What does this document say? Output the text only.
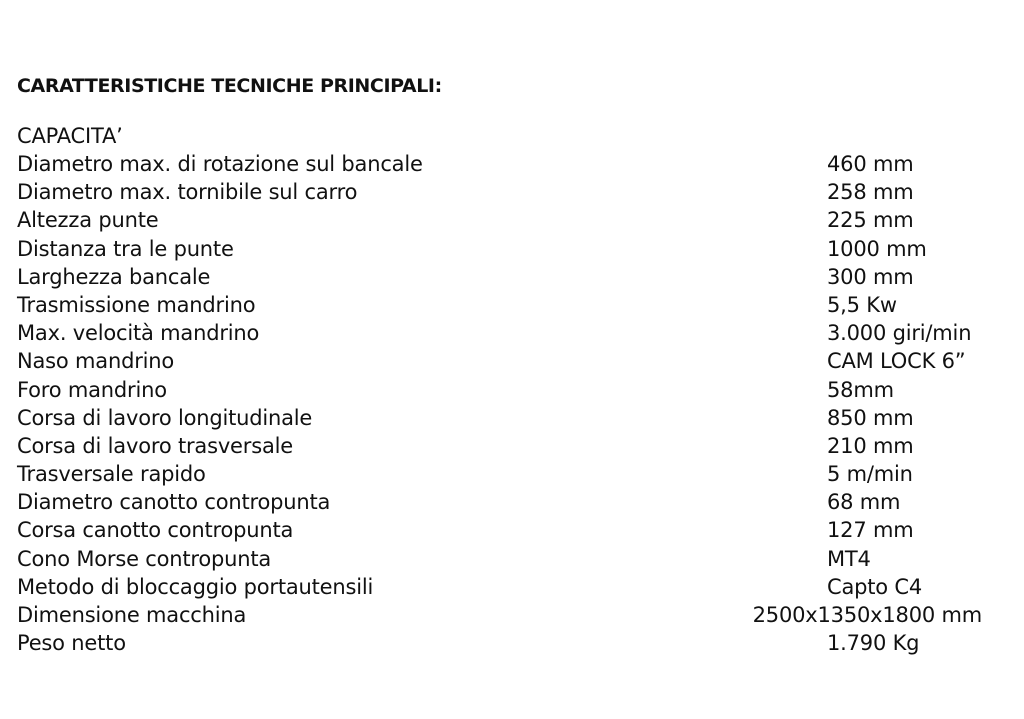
CARATTERISTICHE TECNICHE PRINCIPALI:
CAPACITA’
Diametro max. di rotazione sul bancale	460 mm
Diametro max. tornibile sul carro	258 mm
Altezza punte	225 mm
Distanza tra le punte	1000 mm
Larghezza bancale	300 mm
Trasmissione mandrino	5,5 Kw
Max. velocità mandrino	3.000 giri/min
Naso mandrino	CAM LOCK 6”
Foro mandrino	58mm
Corsa di lavoro longitudinale	850 mm
Corsa di lavoro trasversale	210 mm
Trasversale rapido	5 m/min
Diametro canotto contropunta	68 mm
Corsa canotto contropunta	127 mm
Cono Morse contropunta	MT4
Metodo di bloccaggio portautensili	Capto C4
Dimensione macchina	2500x1350x1800 mm
Peso netto	1.790 Kg
